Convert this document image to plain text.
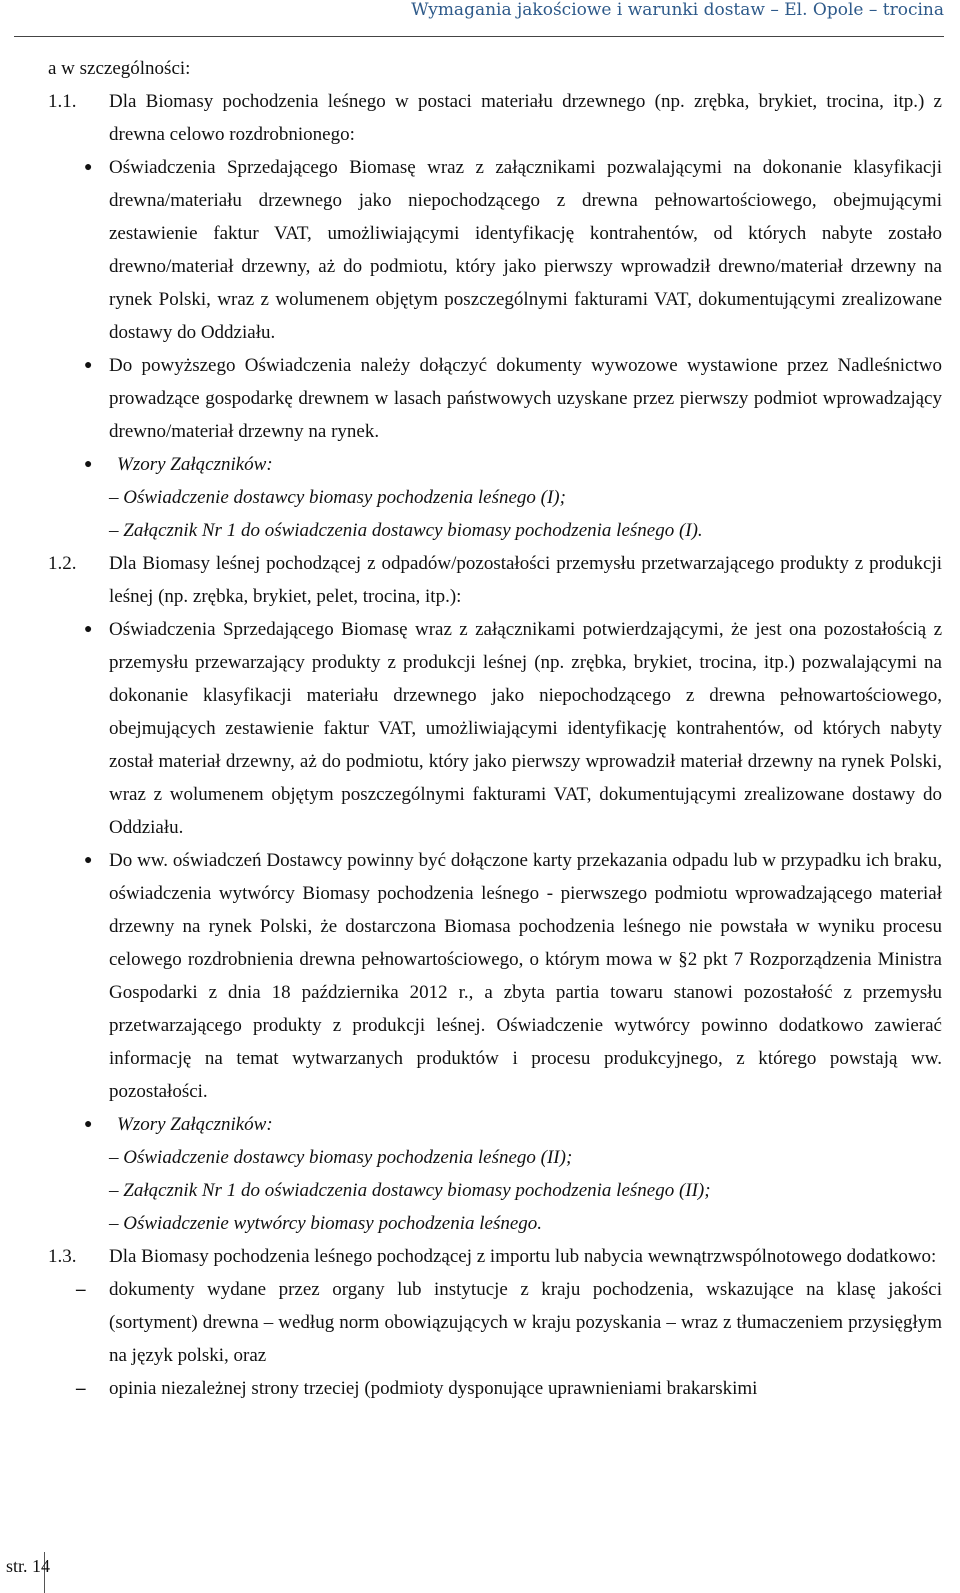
Wymagania jakościowe i warunki dostaw – El. Opole – trocina

a w szczególności:

1.1. Dla Biomasy pochodzenia leśnego w postaci materiału drzewnego (np. zrębka, brykiet, trocina, itp.) z drewna celowo rozdrobnionego:

● Oświadczenia Sprzedającego Biomasę wraz z załącznikami pozwalającymi na dokonanie klasyfikacji drewna/materiału drzewnego jako niepochodzącego z drewna pełnowartościowego, obejmującymi zestawienie faktur VAT, umożliwiającymi identyfikację kontrahentów, od których nabyte zostało drewno/materiał drzewny, aż do podmiotu, który jako pierwszy wprowadził drewno/materiał drzewny na rynek Polski, wraz z wolumenem objętym poszczególnymi fakturami VAT, dokumentującymi zrealizowane dostawy do Oddziału.
● Do powyższego Oświadczenia należy dołączyć dokumenty wywozowe wystawione przez Nadleśnictwo prowadzące gospodarkę drewnem w lasach państwowych uzyskane przez pierwszy podmiot wprowadzający drewno/materiał drzewny na rynek.
●	Wzory Załączników:
– Oświadczenie dostawcy biomasy pochodzenia leśnego (I);
– Załącznik Nr 1 do oświadczenia dostawcy biomasy pochodzenia leśnego (I).
1.2. Dla Biomasy leśnej pochodzącej z odpadów/pozostałości przemysłu przetwarzającego produkty z produkcji leśnej (np. zrębka, brykiet, pelet, trocina, itp.):

● Oświadczenia Sprzedającego Biomasę wraz z załącznikami potwierdzającymi, że jest ona pozostałością z przemysłu przewarzający produkty z produkcji leśnej (np. zrębka, brykiet, trocina, itp.) pozwalającymi na dokonanie klasyfikacji materiału drzewnego jako niepochodzącego z drewna pełnowartościowego, obejmujących zestawienie faktur VAT, umożliwiającymi identyfikację kontrahentów, od których nabyty został materiał drzewny, aż do podmiotu, który jako pierwszy wprowadził materiał drzewny na rynek Polski, wraz z wolumenem objętym poszczególnymi fakturami VAT, dokumentującymi zrealizowane dostawy do Oddziału.
● Do ww. oświadczeń Dostawcy powinny być dołączone karty przekazania odpadu lub w przypadku ich braku, oświadczenia wytwórcy Biomasy pochodzenia leśnego - pierwszego podmiotu wprowadzającego materiał drzewny na rynek Polski, że dostarczona Biomasa pochodzenia leśnego nie powstała w wyniku procesu celowego rozdrobnienia drewna pełnowartościowego, o którym mowa w §2 pkt 7 Rozporządzenia Ministra Gospodarki z dnia 18 października 2012 r., a zbyta partia towaru stanowi pozostałość z przemysłu przetwarzającego produkty z produkcji leśnej. Oświadczenie wytwórcy powinno dodatkowo zawierać informację na temat wytwarzanych produktów i procesu produkcyjnego, z którego powstają ww. pozostałości.
●	Wzory Załączników:
– Oświadczenie dostawcy biomasy pochodzenia leśnego (II);
– Załącznik Nr 1 do oświadczenia dostawcy biomasy pochodzenia leśnego (II);
– Oświadczenie wytwórcy biomasy pochodzenia leśnego.
1.3. Dla Biomasy pochodzenia leśnego pochodzącej z importu lub nabycia wewnątrzwspólnotowego dodatkowo:

–	dokumenty wydane przez organy lub instytucje z kraju pochodzenia, wskazujące na klasę jakości (sortyment) drewna – według norm obowiązujących w kraju pozyskania – wraz z tłumaczeniem przysięgłym na język polski, oraz
–	opinia niezależnej strony trzeciej (podmioty dysponujące uprawnieniami brakarskimi
str. 14
